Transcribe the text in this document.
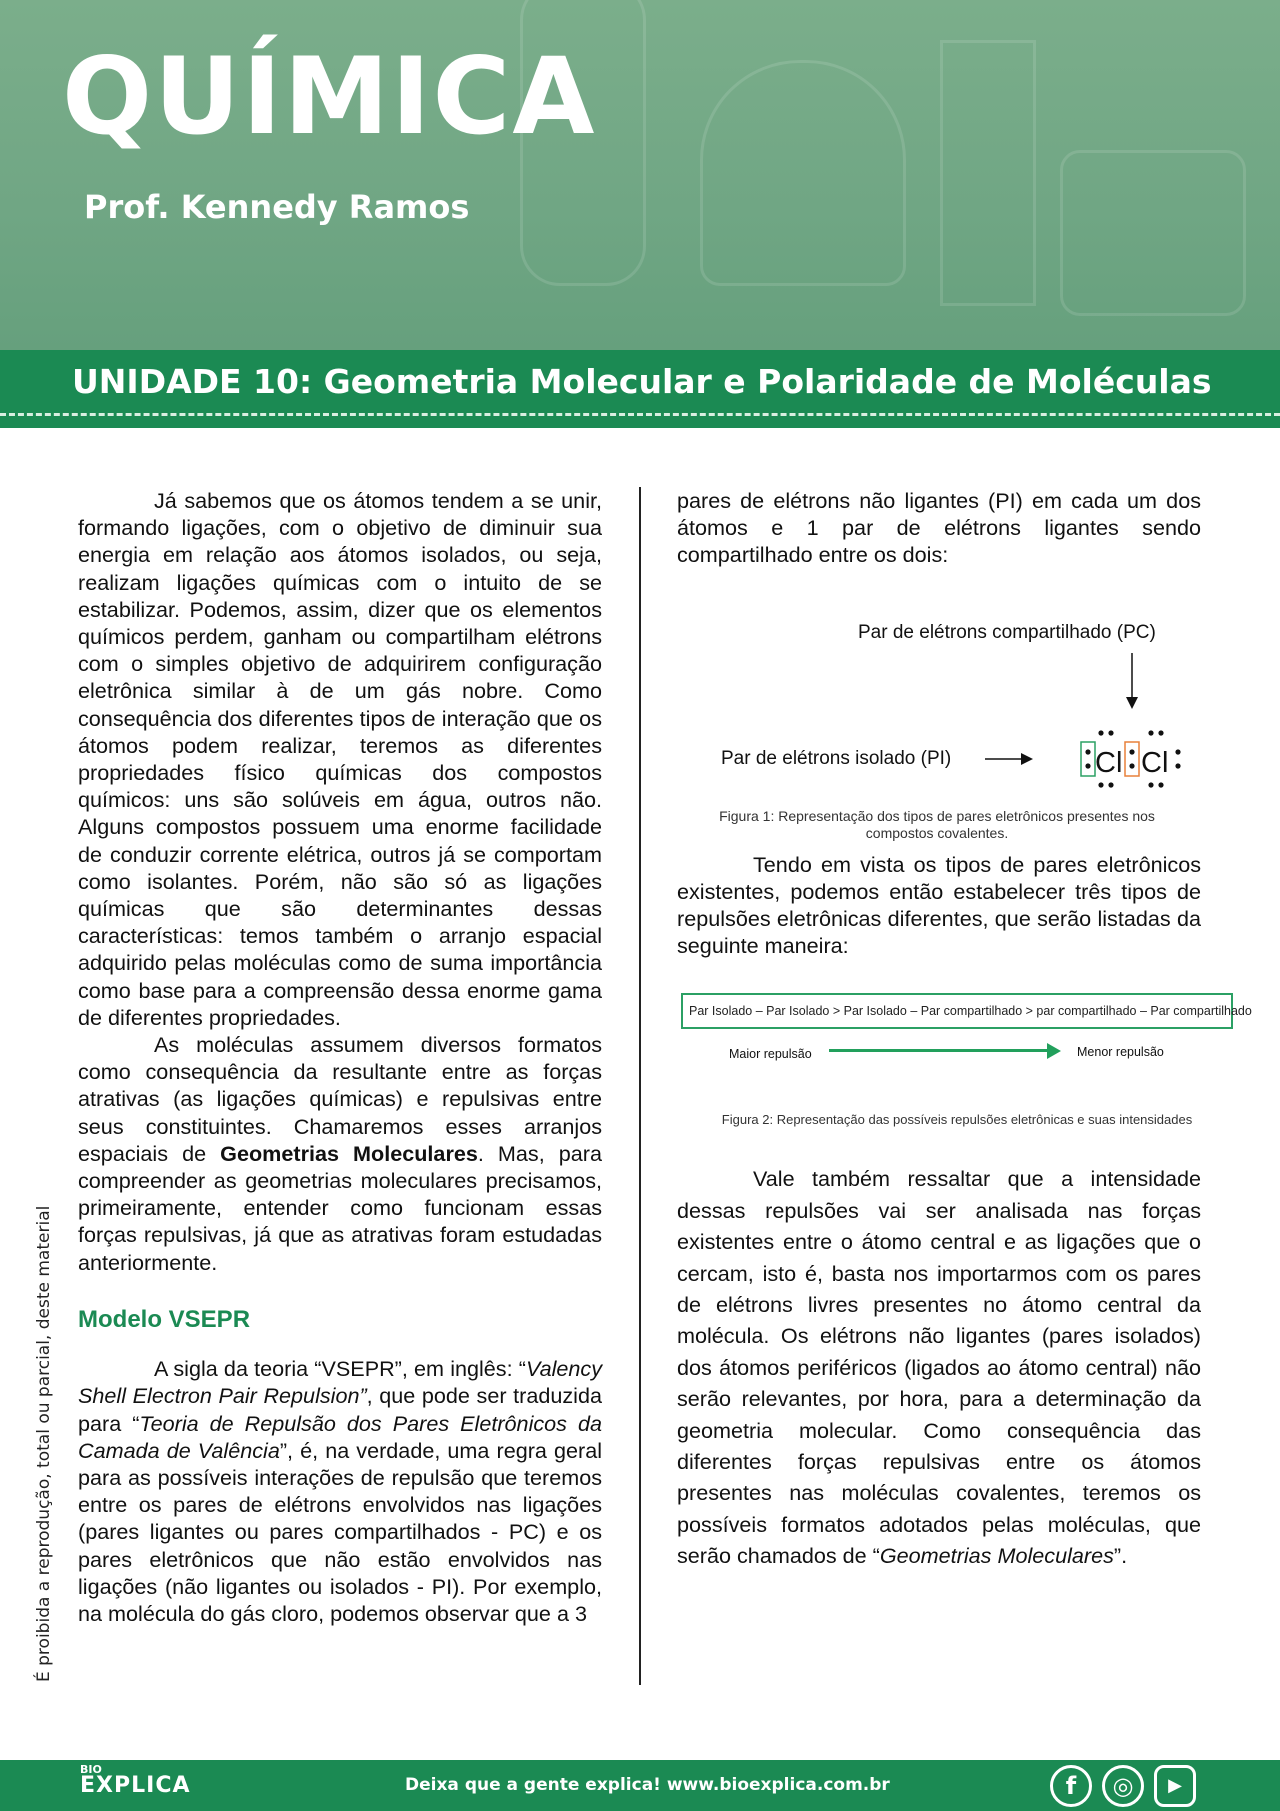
QUÍMICA
Prof. Kennedy Ramos
UNIDADE 10: Geometria Molecular e Polaridade de Moléculas
É proibida a reprodução, total ou parcial, deste material

Já sabemos que os átomos tendem a se unir, formando ligações, com o objetivo de diminuir sua energia em relação aos átomos isolados, ou seja, realizam ligações químicas com o intuito de se estabilizar. Podemos, assim, dizer que os elementos químicos perdem, ganham ou compartilham elétrons com o simples objetivo de adquirirem configuração eletrônica similar à de um gás nobre. Como consequência dos diferentes tipos de interação que os átomos podem realizar, teremos as diferentes propriedades físico químicas dos compostos químicos: uns são solúveis em água, outros não. Alguns compostos possuem uma enorme facilidade de conduzir corrente elétrica, outros já se comportam como isolantes. Porém, não são só as ligações químicas que são determinantes dessas características: temos também o arranjo espacial adquirido pelas moléculas como de suma importância como base para a compreensão dessa enorme gama de diferentes propriedades.

As moléculas assumem diversos formatos como consequência da resultante entre as forças atrativas (as ligações químicas) e repulsivas entre seus constituintes. Chamaremos esses arranjos espaciais de Geometrias Moleculares. Mas, para compreender as geometrias moleculares precisamos, primeiramente, entender como funcionam essas forças repulsivas, já que as atrativas foram estudadas anteriormente.

Modelo VSEPR

A sigla da teoria “VSEPR”, em inglês: “Valency Shell Electron Pair Repulsion”, que pode ser traduzida para “Teoria de Repulsão dos Pares Eletrônicos da Camada de Valência”, é, na verdade, uma regra geral para as possíveis interações de repulsão que teremos entre os pares de elétrons envolvidos nas ligações (pares ligantes ou pares compartilhados - PC) e os pares eletrônicos que não estão envolvidos nas ligações (não ligantes ou isolados - PI). Por exemplo, na molécula do gás cloro, podemos observar que a 3

pares de elétrons não ligantes (PI) em cada um dos átomos e 1 par de elétrons ligantes sendo compartilhado entre os dois:

Cl Cl
Par de elétrons compartilhado (PC)
Par de elétrons isolado (PI)
Figura 1: Representação dos tipos de pares eletrônicos presentes nos compostos covalentes.

Tendo em vista os tipos de pares eletrônicos existentes, podemos então estabelecer três tipos de repulsões eletrônicas diferentes, que serão listadas da seguinte maneira:

Par Isolado – Par Isolado > Par Isolado – Par compartilhado > par compartilhado – Par compartilhado
Maior repulsão	Menor repulsão
Figura 2: Representação das possíveis repulsões eletrônicas e suas intensidades

Vale também ressaltar que a intensidade dessas repulsões vai ser analisada nas forças existentes entre o átomo central e as ligações que o cercam, isto é, basta nos importarmos com os pares de elétrons livres presentes no átomo central da molécula. Os elétrons não ligantes (pares isolados) dos átomos periféricos (ligados ao átomo central) não serão relevantes, por hora, para a determinação da geometria molecular. Como consequência das diferentes forças repulsivas entre os átomos presentes nas moléculas covalentes, teremos os possíveis formatos adotados pelas moléculas, que serão chamados de “Geometrias Moleculares”.

BIO
EXPLICA	Deixa que a gente explica! www.bioexplica.com.br	f	◎	▶
